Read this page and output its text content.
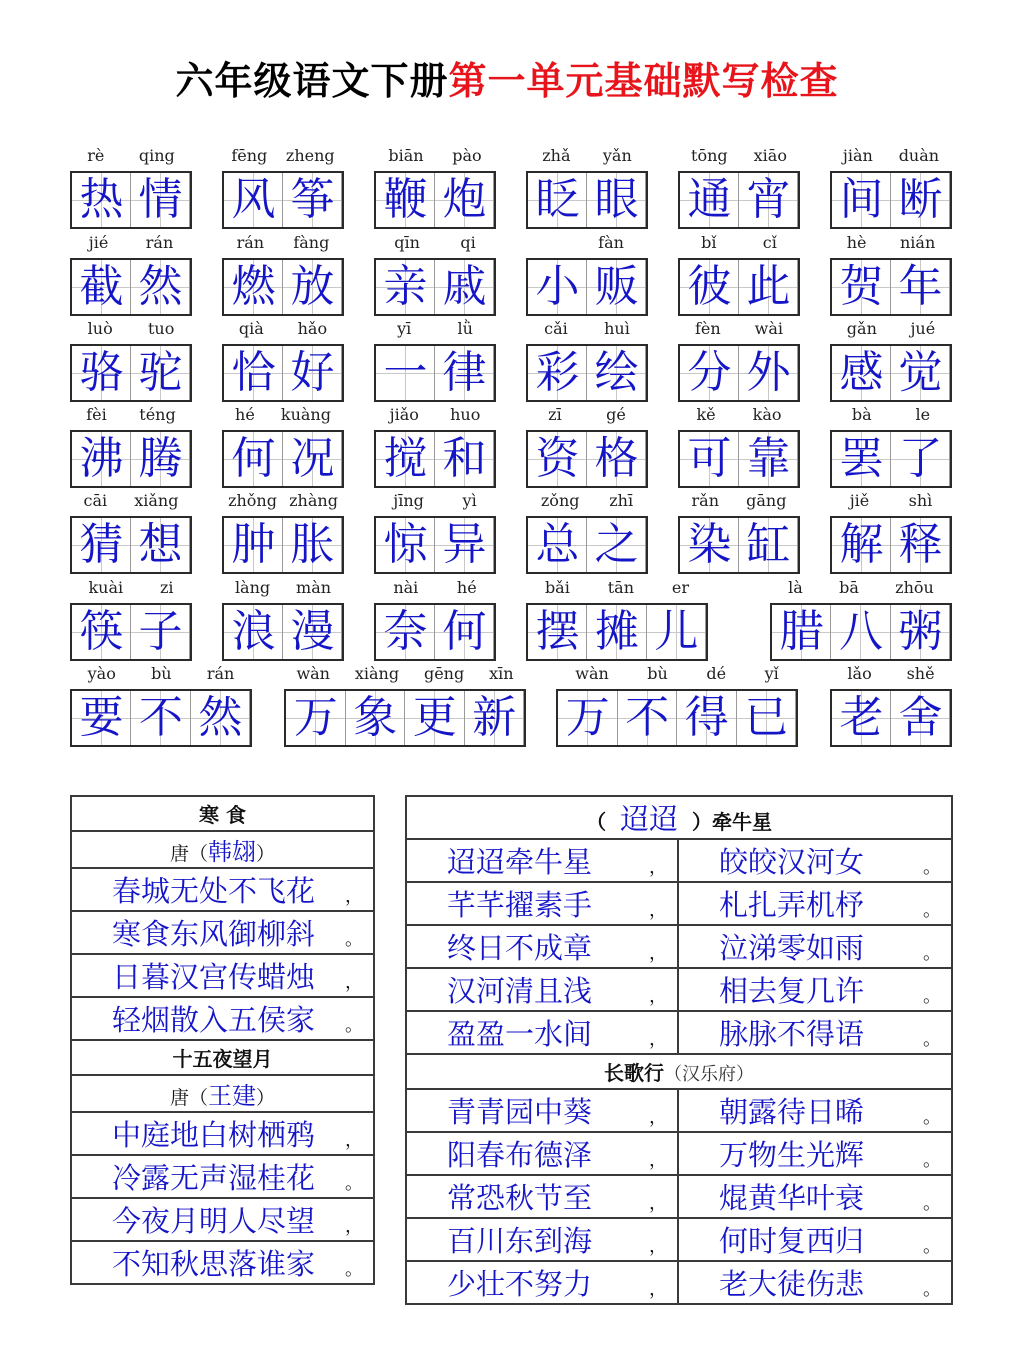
六年级语文下册第一单元基础默写检查
rè qing
热 情
fēng zheng
风 筝
biān pào
鞭 炮
zhǎ yǎn
眨 眼
tōng xiāo
通 宵
jiàn duàn
间 断
jié rán
截 然
rán fàng
燃 放
qīn	qi
亲 戚
fàn
小 贩
bǐ	cǐ
彼 此
hè nián
贺 年
luò tuo
骆 驼
qià hǎo
恰 好
yī	lǜ
一 律
cǎi huì
彩 绘
fèn wài
分 外
gǎn jué
感 觉
fèi téng
沸 腾
hé kuàng
何 况
jiǎo huo
搅 和
zī	gé
资 格
kě kào
可 靠
bà	le
罢 了
cāi xiǎng
猜 想
zhǒng zhàng
肿 胀
jīng yì
惊 异
zǒng zhī
总 之
rǎn gāng
染 缸
jiě shì
解 释
kuài zi
筷 子
làng màn
浪 漫
nài hé
奈 何
bǎi tān er
摆 摊 儿
là bā zhōu
腊 八 粥
yào bù rán
要 不 然
wàn xiàng gēng xīn
万 象 更 新
wàn bù dé yǐ
万 不 得 已
lǎo shě
老 舍
寒 食
唐（韩翃）
春城无处不飞花 ，

寒食东风御柳斜 。

日暮汉宫传蜡烛 ，

轻烟散入五侯家 。

十五夜望月
唐（王建）
中庭地白树栖鸦 ，

冷露无声湿桂花 。

今夜月明人尽望 ，

不知秋思落谁家 。
（ 迢迢 ）牵牛星	
迢迢牵牛星 ，	皎皎汉河女 。

芊芊擢素手 ，	札扎弄机杼 。

终日不成章 ，	泣涕零如雨 。

汉河清且浅 ，	相去复几许 。

盈盈一水间 ，	脉脉不得语 。

长歌行（汉乐府）	
青青园中葵 ，	朝露待日晞 。

阳春布德泽 ，	万物生光辉 。

常恐秋节至 ，	焜黄华叶衰 。

百川东到海 ，	何时复西归 。

少壮不努力 ，	老大徒伤悲 。
